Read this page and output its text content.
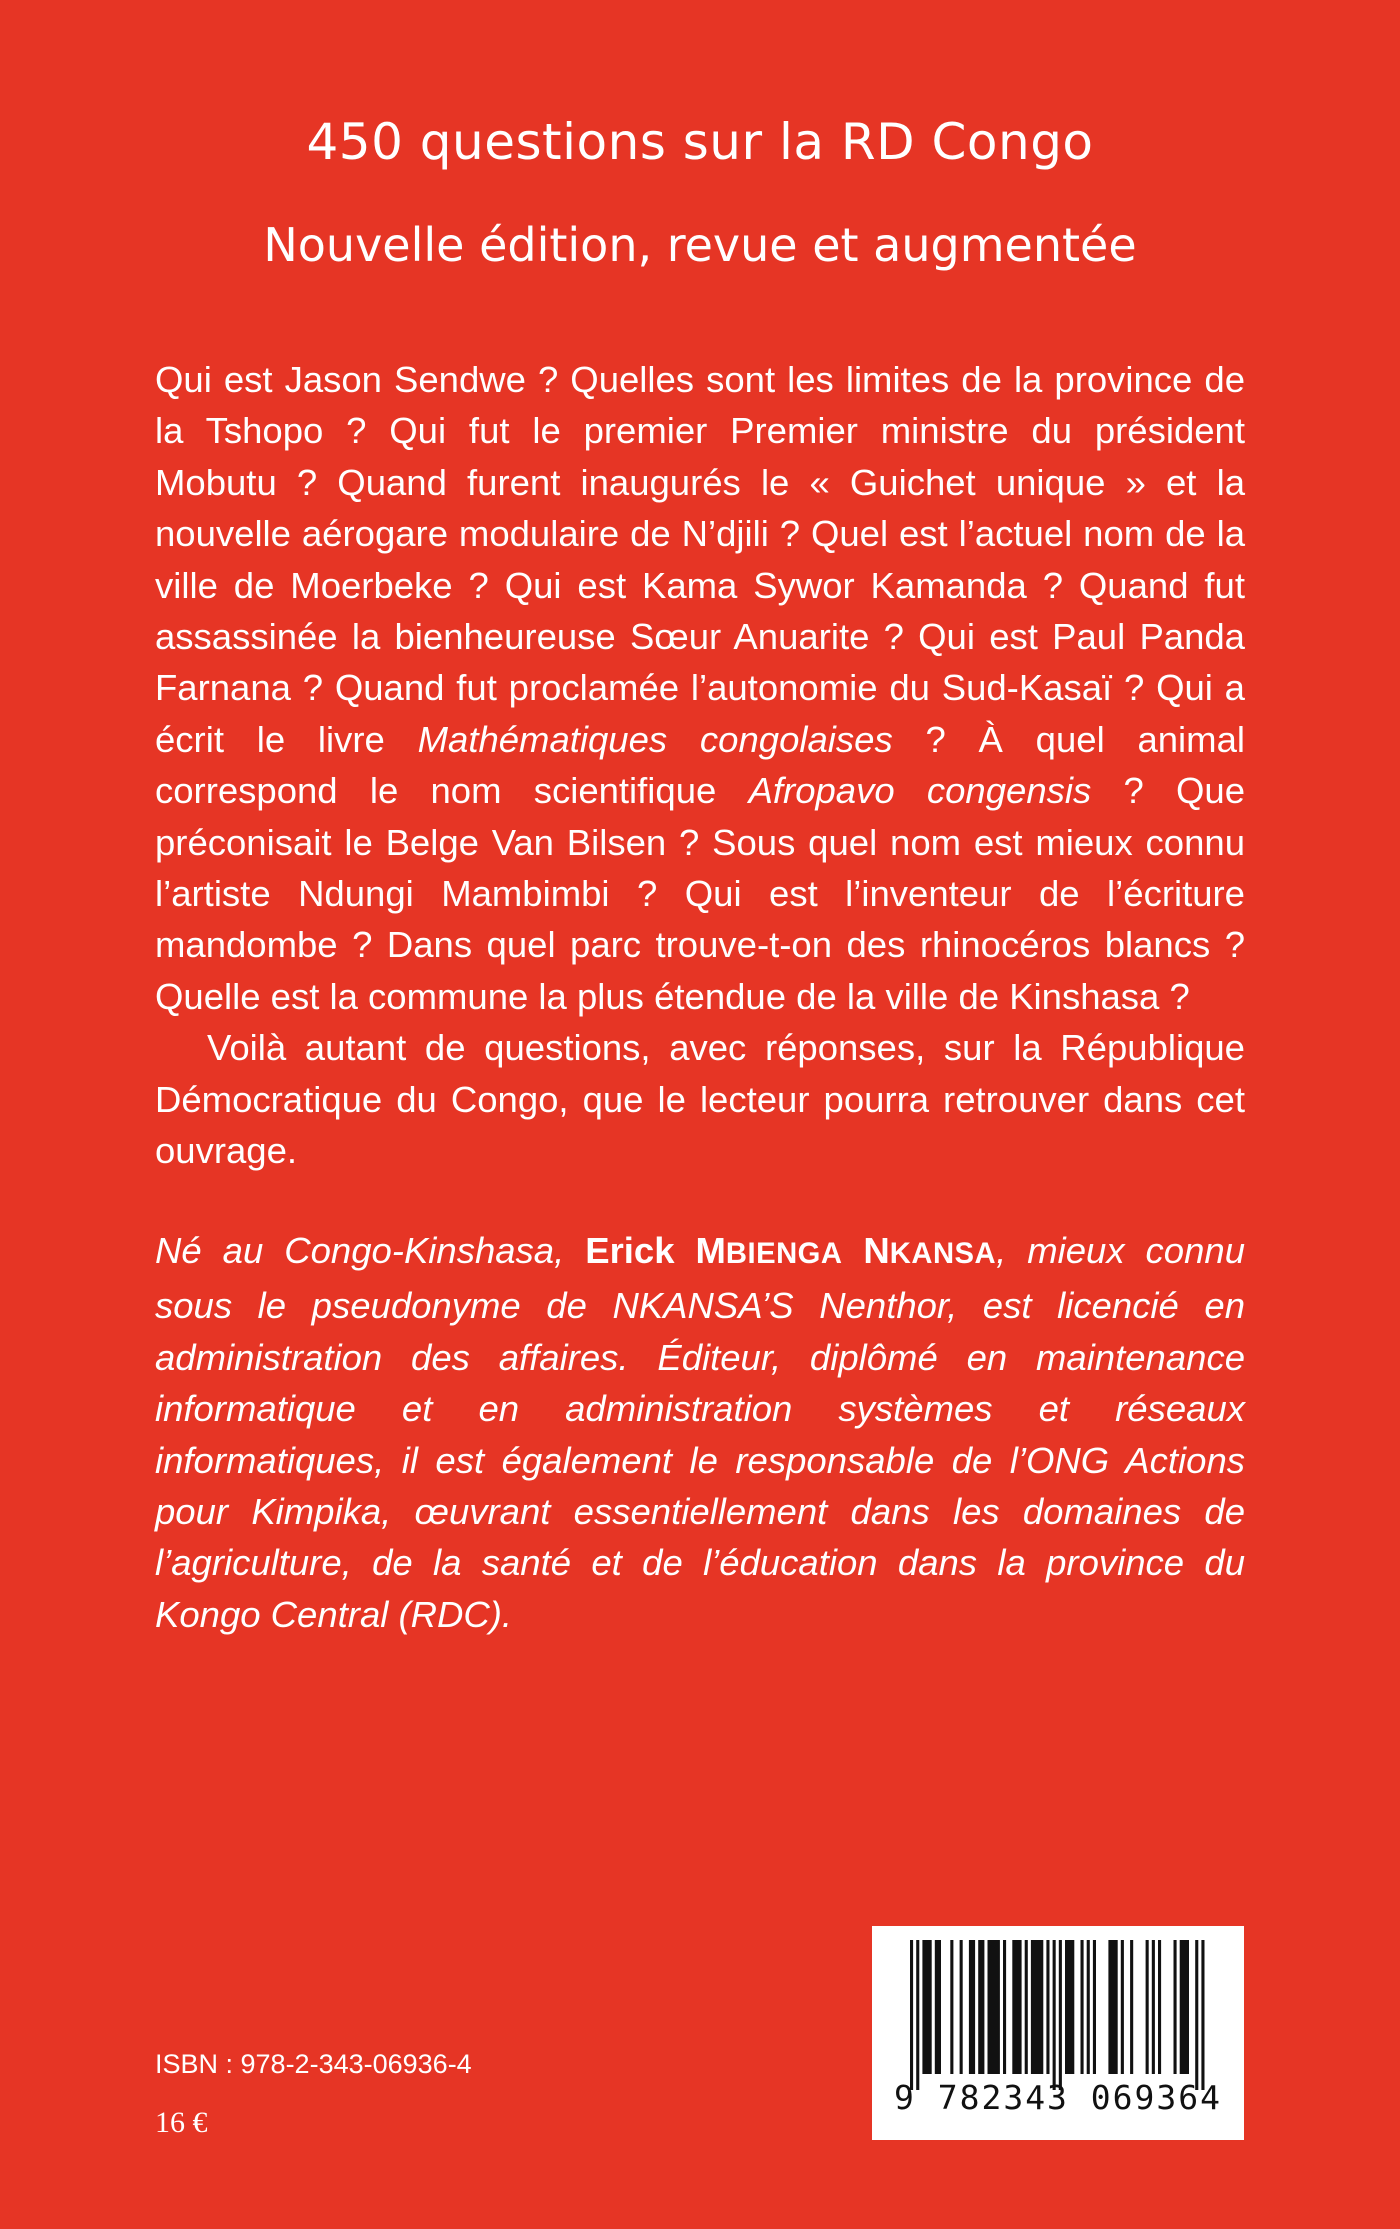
450 questions sur la RD Congo
Nouvelle édition, revue et augmentée

Qui est Jason Sendwe ? Quelles sont les limites de la province de la Tshopo ? Qui fut le premier Premier ministre du président Mobutu ? Quand furent inaugurés le « Guichet unique » et la nouvelle aérogare modulaire de N’djili ? Quel est l’actuel nom de la ville de Moerbeke ? Qui est Kama Sywor Kamanda ? Quand fut assassinée la bienheureuse Sœur Anuarite ? Qui est Paul Panda Farnana ? Quand fut proclamée l’autonomie du Sud-Kasaï ? Qui a écrit le livre Mathématiques congolaises ? À quel animal correspond le nom scientifique Afropavo congensis ? Que préconisait le Belge Van Bilsen ? Sous quel nom est mieux connu l’artiste Ndungi Mambimbi ? Qui est l’inventeur de l’écriture mandombe ? Dans quel parc trouve-t-on des rhinocéros blancs ? Quelle est la commune la plus étendue de la ville de Kinshasa ?

Voilà autant de questions, avec réponses, sur la République Démocratique du Congo, que le lecteur pourra retrouver dans cet ouvrage.

Né au Congo-Kinshasa, Erick MBIENGA NKANSA, mieux connu sous le pseudonyme de NKANSA’S Nenthor, est licencié en administration des affaires. Éditeur, diplômé en maintenance informatique et en administration systèmes et réseaux informatiques, il est également le responsable de l’ONG Actions pour Kimpika, œuvrant essentiellement dans les domaines de l’agriculture, de la santé et de l’éducation dans la province du Kongo Central (RDC).

ISBN : 978-2-343-06936-4
16 €
9 782343 069364
